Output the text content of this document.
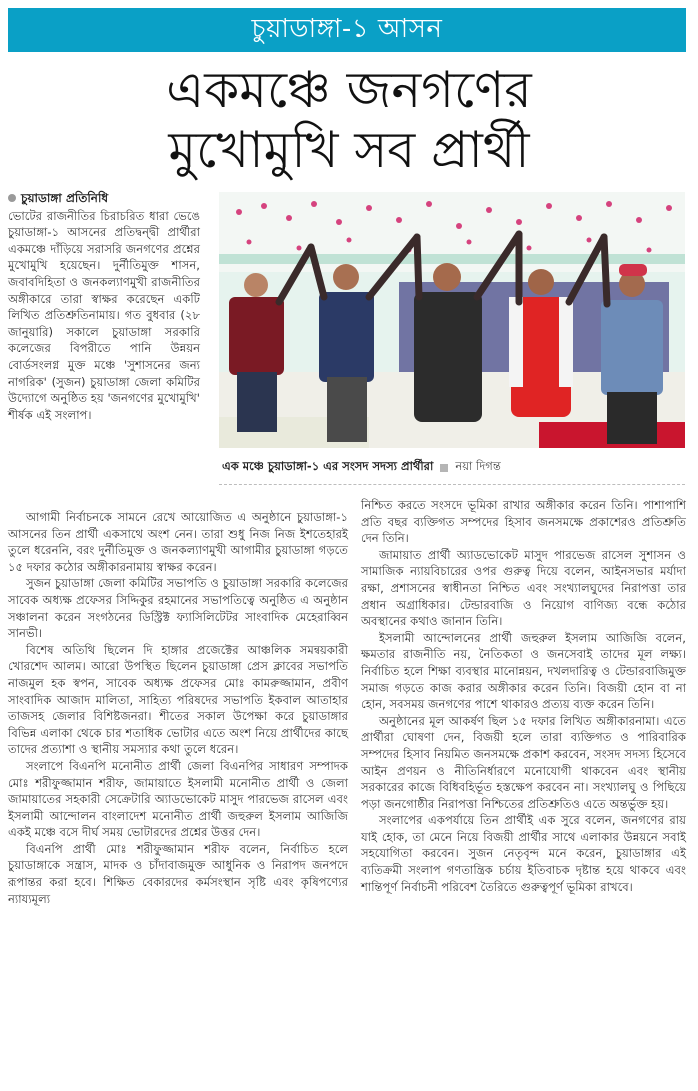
চুয়াডাঙ্গা-১ আসন
একমঞ্চে জনগণের
মুখোমুখি সব প্রার্থী
চুয়াডাঙ্গা প্রতিনিধি

ভোটের রাজনীতির চিরাচরিত ধারা ভেঙে চুয়াডাঙ্গা-১ আসনের প্রতিদ্বন্দ্বী প্রার্থীরা একমঞ্চে দাঁড়িয়ে সরাসরি জনগণের প্রশ্নের মুখোমুখি হয়েছেন। দুর্নীতিমুক্ত শাসন, জবাবদিহিতা ও জনকল্যাণমুখী রাজনীতির অঙ্গীকারে তারা স্বাক্ষর করেছেন একটি লিখিত প্রতিশ্রুতিনামায়। গত বুধবার (২৮ জানুয়ারি) সকালে চুয়াডাঙ্গা সরকারি কলেজের বিপরীতে পানি উন্নয়ন বোর্ডসংলগ্ন মুক্ত মঞ্চে 'সুশাসনের জন্য নাগরিক' (সুজন) চুয়াডাঙ্গা জেলা কমিটির উদ্যোগে অনুষ্ঠিত হয় 'জনগণের মুখোমুখি' শীর্ষক এই সংলাপ।

এক মঞ্চে চুয়াডাঙ্গা-১ এর সংসদ সদস্য প্রার্থীরা নয়া দিগন্ত

আগামী নির্বাচনকে সামনে রেখে আয়োজিত এ অনুষ্ঠানে চুয়াডাঙ্গা-১ আসনের তিন প্রার্থী একসাথে অংশ নেন। তারা শুধু নিজ নিজ ইশতেহারই তুলে ধরেননি, বরং দুর্নীতিমুক্ত ও জনকল্যাণমুখী আগামীর চুয়াডাঙ্গা গড়তে ১৫ দফার কঠোর অঙ্গীকারনামায় স্বাক্ষর করেন।

সুজন চুয়াডাঙ্গা জেলা কমিটির সভাপতি ও চুয়াডাঙ্গা সরকারি কলেজের সাবেক অধ্যক্ষ প্রফেসর সিদ্দিকুর রহমানের সভাপতিত্বে অনুষ্ঠিত এ অনুষ্ঠান সঞ্চালনা করেন সংগঠনের ডিস্ট্রিক্ট ফ্যাসিলিটেটর সাংবাদিক মেহেরাব্বিন সানভী।

বিশেষ অতিথি ছিলেন দি হাঙ্গার প্রজেক্টের আঞ্চলিক সমন্বয়কারী খোরশেদ আলম। আরো উপস্থিত ছিলেন চুয়াডাঙ্গা প্রেস ক্লাবের সভাপতি নাজমুল হক স্বপন, সাবেক অধ্যক্ষ প্রফেসর মোঃ কামরুজ্জামান, প্রবীণ সাংবাদিক আজাদ মালিতা, সাহিত্য পরিষদের সভাপতি ইকবাল আতাহার তাজসহ জেলার বিশিষ্টজনরা। শীতের সকাল উপেক্ষা করে চুয়াডাঙ্গার বিভিন্ন এলাকা থেকে চার শতাধিক ভোটার এতে অংশ নিয়ে প্রার্থীদের কাছে তাদের প্রত্যাশা ও স্থানীয় সমস্যার কথা তুলে ধরেন।

সংলাপে বিএনপি মনোনীত প্রার্থী জেলা বিএনপির সাধারণ সম্পাদক মোঃ শরীফুজ্জামান শরীফ, জামায়াতে ইসলামী মনোনীত প্রার্থী ও জেলা জামায়াতের সহকারী সেক্রেটারি অ্যাডভোকেট মাসুদ পারভেজ রাসেল এবং ইসলামী আন্দোলন বাংলাদেশ মনোনীত প্রার্থী জহুরুল ইসলাম আজিজি একই মঞ্চে বসে দীর্ঘ সময় ভোটারদের প্রশ্নের উত্তর দেন।

বিএনপি প্রার্থী মোঃ শরীফুজ্জামান শরীফ বলেন, নির্বাচিত হলে চুয়াডাঙ্গাকে সন্ত্রাস, মাদক ও চাঁদাবাজমুক্ত আধুনিক ও নিরাপদ জনপদে রূপান্তর করা হবে। শিক্ষিত বেকারদের কর্মসংস্থান সৃষ্টি এবং কৃষিপণ্যের ন্যায্যমূল্য

নিশ্চিত করতে সংসদে ভূমিকা রাখার অঙ্গীকার করেন তিনি। পাশাপাশি প্রতি বছর ব্যক্তিগত সম্পদের হিসাব জনসমক্ষে প্রকাশেরও প্রতিশ্রুতি দেন তিনি।

জামায়াত প্রার্থী অ্যাডভোকেট মাসুদ পারভেজ রাসেল সুশাসন ও সামাজিক ন্যায়বিচারের ওপর গুরুত্ব দিয়ে বলেন, আইনসভার মর্যাদা রক্ষা, প্রশাসনের স্বাধীনতা নিশ্চিত এবং সংখ্যালঘুদের নিরাপত্তা তার প্রধান অগ্রাধিকার। টেন্ডারবাজি ও নিয়োগ বাণিজ্য বন্ধে কঠোর অবস্থানের কথাও জানান তিনি।

ইসলামী আন্দোলনের প্রার্থী জহুরুল ইসলাম আজিজি বলেন, ক্ষমতার রাজনীতি নয়, নৈতিকতা ও জনসেবাই তাদের মূল লক্ষ্য। নির্বাচিত হলে শিক্ষা ব্যবস্থার মানোন্নয়ন, দখলদারিত্ব ও টেন্ডারবাজিমুক্ত সমাজ গড়তে কাজ করার অঙ্গীকার করেন তিনি। বিজয়ী হোন বা না হোন, সবসময় জনগণের পাশে থাকারও প্রত্যয় ব্যক্ত করেন তিনি।

অনুষ্ঠানের মূল আকর্ষণ ছিল ১৫ দফার লিখিত অঙ্গীকারনামা। এতে প্রার্থীরা ঘোষণা দেন, বিজয়ী হলে তারা ব্যক্তিগত ও পারিবারিক সম্পদের হিসাব নিয়মিত জনসমক্ষে প্রকাশ করবেন, সংসদ সদস্য হিসেবে আইন প্রণয়ন ও নীতিনির্ধারণে মনোযোগী থাকবেন এবং স্থানীয় সরকারের কাজে বিধিবহির্ভূত হস্তক্ষেপ করবেন না। সংখ্যালঘু ও পিছিয়ে পড়া জনগোষ্ঠীর নিরাপত্তা নিশ্চিতের প্রতিশ্রুতিও এতে অন্তর্ভুক্ত হয়।

সংলাপের একপর্যায়ে তিন প্রার্থীই এক সুরে বলেন, জনগণের রায় যাই হোক, তা মেনে নিয়ে বিজয়ী প্রার্থীর সাথে এলাকার উন্নয়নে সবাই সহযোগিতা করবেন। সুজন নেতৃবৃন্দ মনে করেন, চুয়াডাঙ্গার এই ব্যতিক্রমী সংলাপ গণতান্ত্রিক চর্চায় ইতিবাচক দৃষ্টান্ত হয়ে থাকবে এবং শান্তিপূর্ণ নির্বাচনী পরিবেশ তৈরিতে গুরুত্বপূর্ণ ভূমিকা রাখবে।
